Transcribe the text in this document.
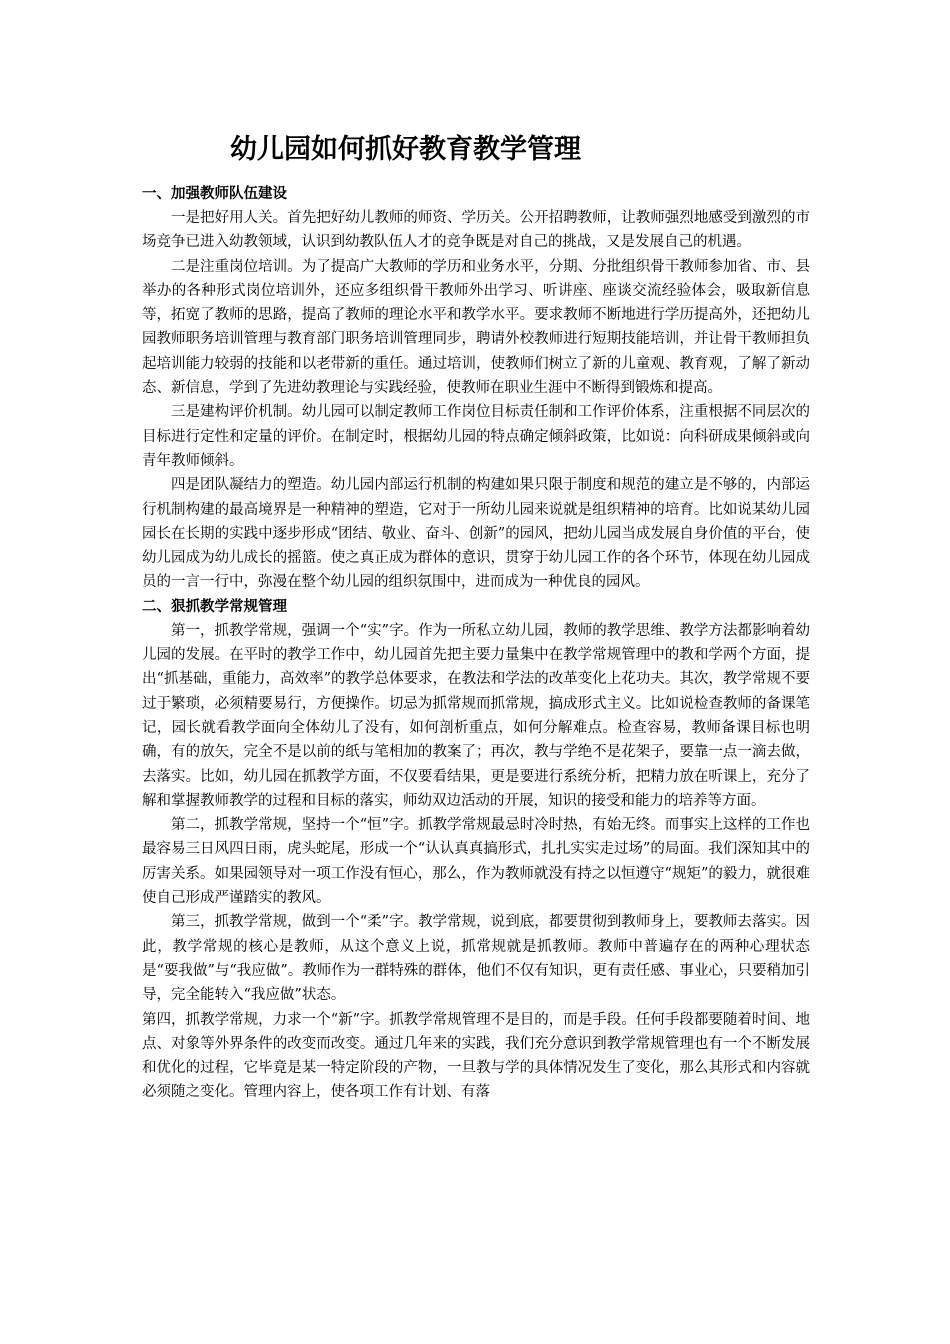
幼儿园如何抓好教育教学管理
一、加强教师队伍建设

一是把好用人关。首先把好幼儿教师的师资、学历关。公开招聘教师，让教师强烈地感受到激烈的市场竞争已进入幼教领域，认识到幼教队伍人才的竞争既是对自己的挑战，又是发展自己的机遇。

二是注重岗位培训。为了提高广大教师的学历和业务水平，分期、分批组织骨干教师参加省、市、县举办的各种形式岗位培训外，还应多组织骨干教师外出学习、听讲座、座谈交流经验体会，吸取新信息等，拓宽了教师的思路，提高了教师的理论水平和教学水平。要求教师不断地进行学历提高外，还把幼儿园教师职务培训管理与教育部门职务培训管理同步，聘请外校教师进行短期技能培训，并让骨干教师担负起培训能力较弱的技能和以老带新的重任。通过培训，使教师们树立了新的儿童观、教育观，了解了新动态、新信息，学到了先进幼教理论与实践经验，使教师在职业生涯中不断得到锻炼和提高。

三是建构评价机制。幼儿园可以制定教师工作岗位目标责任制和工作评价体系，注重根据不同层次的目标进行定性和定量的评价。在制定时，根据幼儿园的特点确定倾斜政策，比如说：向科研成果倾斜或向青年教师倾斜。

四是团队凝结力的塑造。幼儿园内部运行机制的构建如果只限于制度和规范的建立是不够的，内部运行机制构建的最高境界是一种精神的塑造，它对于一所幼儿园来说就是组织精神的培育。比如说某幼儿园园长在长期的实践中逐步形成“团结、敬业、奋斗、创新”的园风，把幼儿园当成发展自身价值的平台，使幼儿园成为幼儿成长的摇篮。使之真正成为群体的意识，贯穿于幼儿园工作的各个环节，体现在幼儿园成员的一言一行中，弥漫在整个幼儿园的组织氛围中，进而成为一种优良的园风。

二、狠抓教学常规管理

第一，抓教学常规，强调一个“实”字。作为一所私立幼儿园，教师的教学思维、教学方法都影响着幼儿园的发展。在平时的教学工作中，幼儿园首先把主要力量集中在教学常规管理中的教和学两个方面，提出“抓基础，重能力，高效率”的教学总体要求，在教法和学法的改革变化上花功夫。其次，教学常规不要过于繁琐，必须精要易行，方便操作。切忌为抓常规而抓常规，搞成形式主义。比如说检查教师的备课笔记，园长就看教学面向全体幼儿了没有，如何剖析重点，如何分解难点。检查容易，教师备课目标也明确，有的放矢，完全不是以前的纸与笔相加的教案了；再次，教与学绝不是花架子，要靠一点一滴去做，去落实。比如，幼儿园在抓教学方面，不仅要看结果，更是要进行系统分析，把精力放在听课上，充分了解和掌握教师教学的过程和目标的落实，师幼双边活动的开展，知识的接受和能力的培养等方面。

第二，抓教学常规，坚持一个“恒”字。抓教学常规最忌时冷时热，有始无终。而事实上这样的工作也最容易三日风四日雨，虎头蛇尾，形成一个“认认真真搞形式，扎扎实实走过场”的局面。我们深知其中的厉害关系。如果园领导对一项工作没有恒心，那么，作为教师就没有持之以恒遵守“规矩”的毅力，就很难使自己形成严谨踏实的教风。

第三，抓教学常规，做到一个“柔”字。教学常规，说到底，都要贯彻到教师身上，要教师去落实。因此，教学常规的核心是教师，从这个意义上说，抓常规就是抓教师。教师中普遍存在的两种心理状态是“要我做”与“我应做”。教师作为一群特殊的群体，他们不仅有知识，更有责任感、事业心，只要稍加引导，完全能转入“我应做”状态。

第四，抓教学常规，力求一个“新”字。抓教学常规管理不是目的，而是手段。任何手段都要随着时间、地点、对象等外界条件的改变而改变。通过几年来的实践，我们充分意识到教学常规管理也有一个不断发展和优化的过程，它毕竟是某一特定阶段的产物，一旦教与学的具体情况发生了变化，那么其形式和内容就必须随之变化。管理内容上，使各项工作有计划、有落
